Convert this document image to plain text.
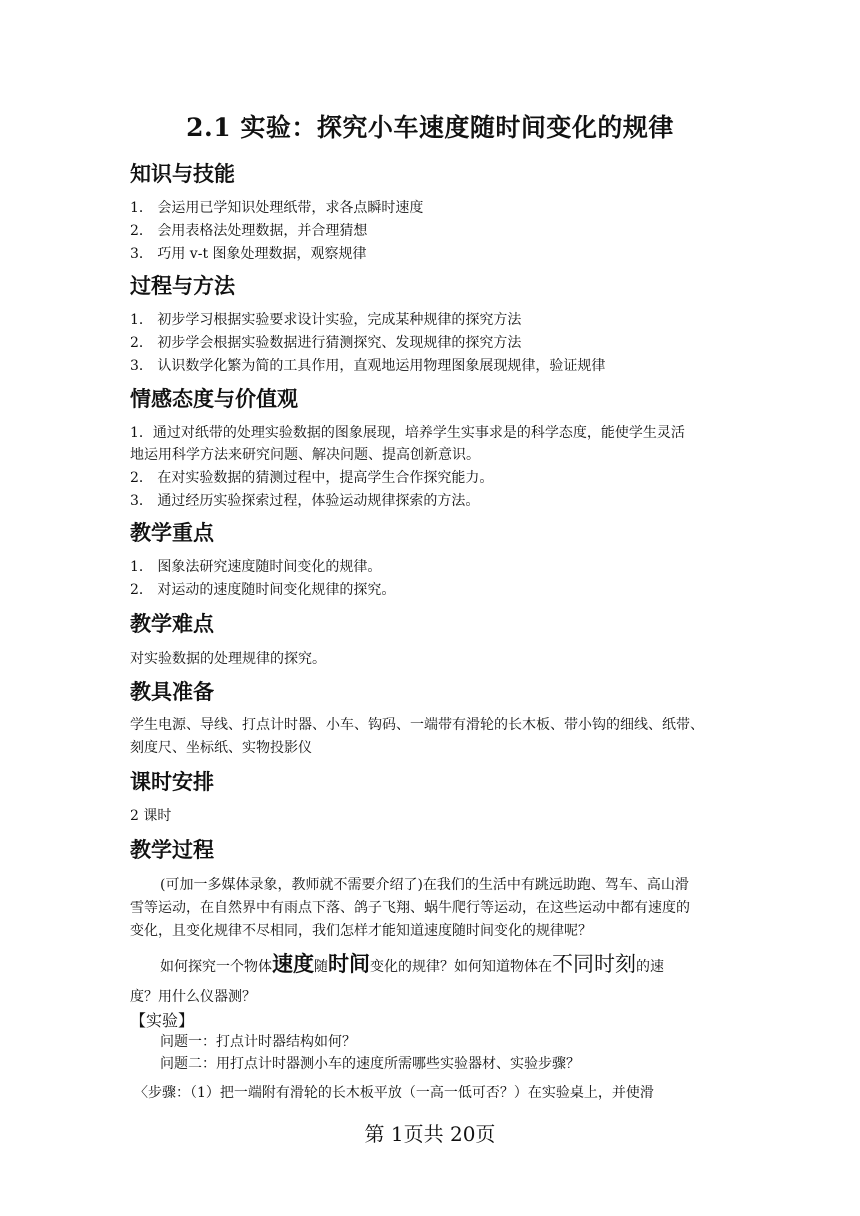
2.1 实验：探究小车速度随时间变化的规律
知识与技能
1． 会运用已学知识处理纸带，求各点瞬时速度
2． 会用表格法处理数据，并合理猜想
3． 巧用 v-t 图象处理数据，观察规律
过程与方法
1． 初步学习根据实验要求设计实验，完成某种规律的探究方法
2． 初步学会根据实验数据进行猜测探究、发现规律的探究方法
3． 认识数学化繁为简的工具作用，直观地运用物理图象展现规律，验证规律
情感态度与价值观
1．通过对纸带的处理实验数据的图象展现，培养学生实事求是的科学态度，能使学生灵活
地运用科学方法来研究问题、解决问题、提高创新意识。
2． 在对实验数据的猜测过程中，提高学生合作探究能力。
3． 通过经历实验探索过程，体验运动规律探索的方法。
教学重点
1． 图象法研究速度随时间变化的规律。
2． 对运动的速度随时间变化规律的探究。
教学难点
对实验数据的处理规律的探究。
教具准备
学生电源、导线、打点计时器、小车、钩码、一端带有滑轮的长木板、带小钩的细线、纸带、
刻度尺、坐标纸、实物投影仪
课时安排
2 课时
教学过程
(可加一多媒体录象，教师就不需要介绍了)在我们的生活中有跳远助跑、驾车、高山滑
雪等运动，在自然界中有雨点下落、鸽子飞翔、蜗牛爬行等运动，在这些运动中都有速度的
变化，且变化规律不尽相同，我们怎样才能知道速度随时间变化的规律呢？
如何探究一个物体速度随时间变化的规律？如何知道物体在不同时刻的速
度？用什么仪器测？
【实验】
问题一：打点计时器结构如何？
问题二：用打点计时器测小车的速度所需哪些实验器材、实验步骤？
〈步骤：（1）把一端附有滑轮的长木板平放（一高一低可否？）在实验桌上，并使滑
第 1页共 20页
